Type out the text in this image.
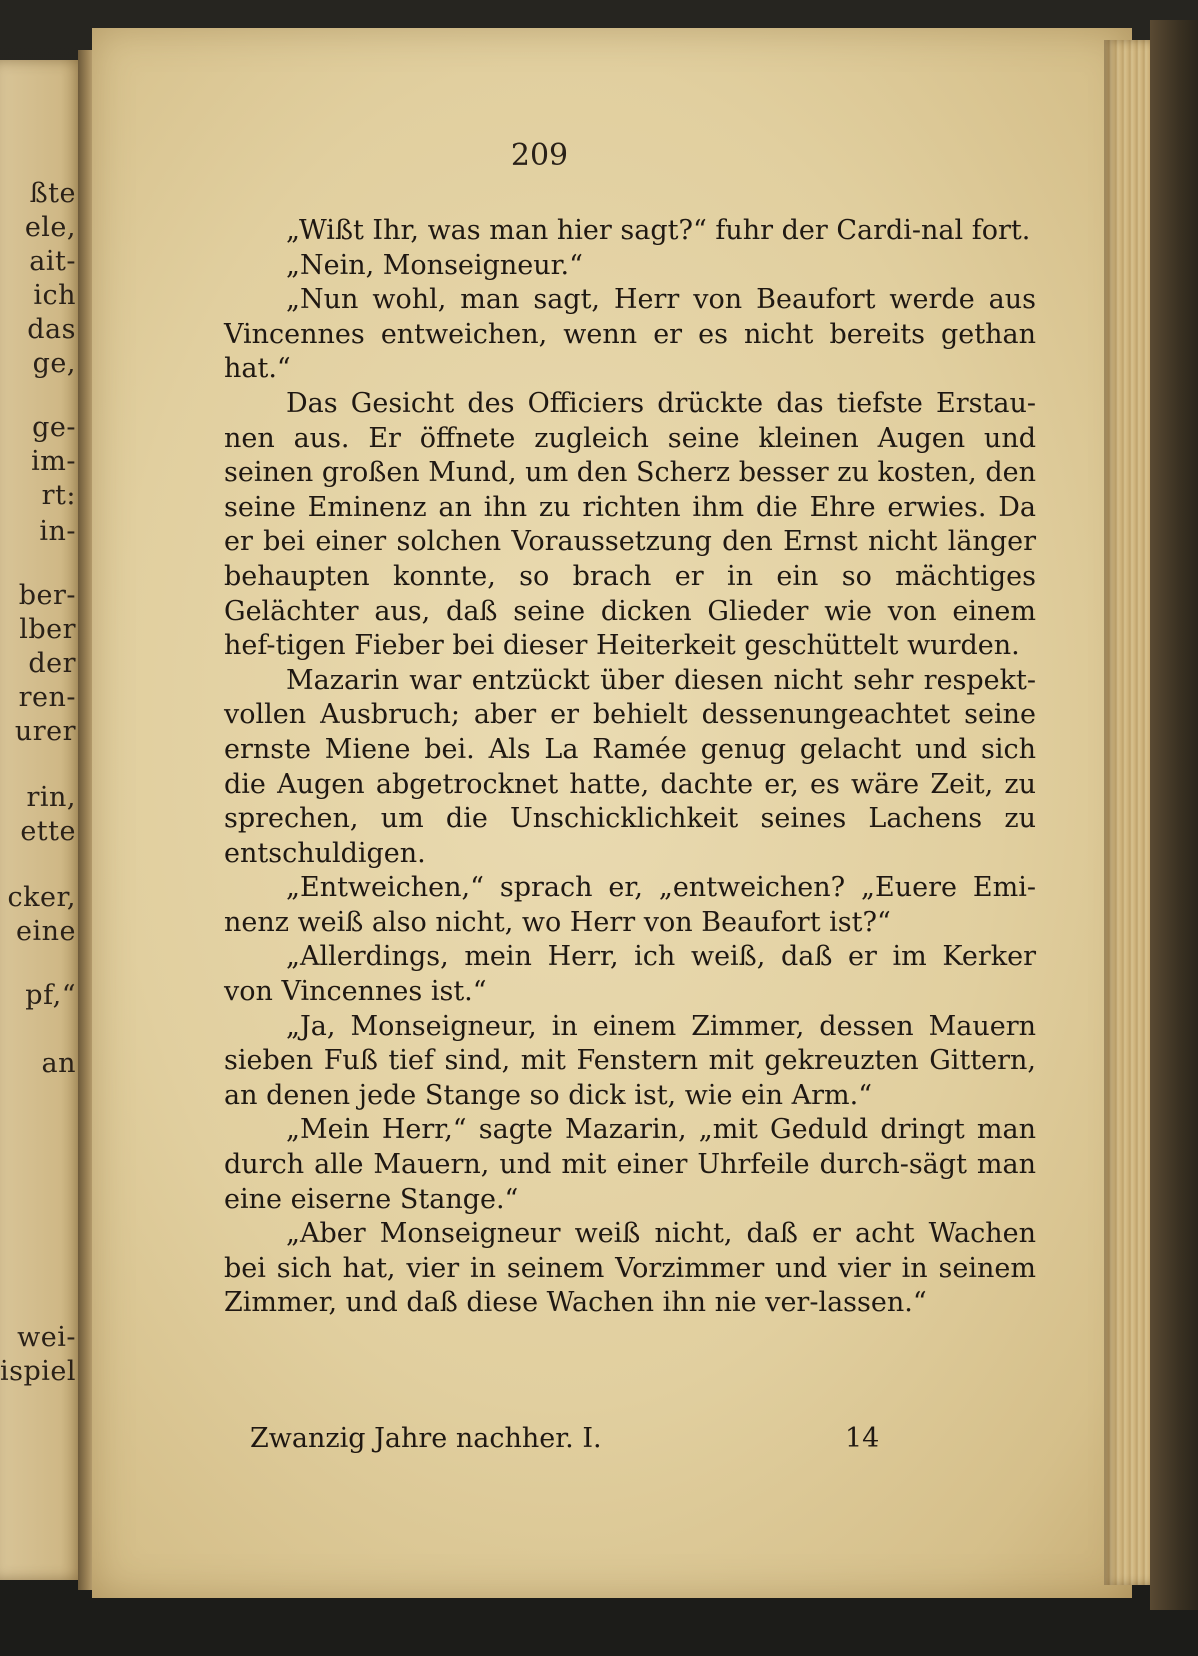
ßte
ele,
ait-
ich
das
ge,
ge-
im-
rt:
in-
ber-
lber
der
ren-
urer
rin,
ette
cker,
eine
pf,“
an
wei-
ispiel
209

„Wißt Ihr, was man hier sagt?“ fuhr der Cardi-nal fort.

„Nein, Monseigneur.“

„Nun wohl, man sagt, Herr von Beaufort werde aus Vincennes entweichen, wenn er es nicht bereits gethan hat.“

Das Gesicht des Officiers drückte das tiefste Erstau-nen aus. Er öffnete zugleich seine kleinen Augen und seinen großen Mund, um den Scherz besser zu kosten, den seine Eminenz an ihn zu richten ihm die Ehre erwies. Da er bei einer solchen Voraussetzung den Ernst nicht länger behaupten konnte, so brach er in ein so mächtiges Gelächter aus, daß seine dicken Glieder wie von einem hef-tigen Fieber bei dieser Heiterkeit geschüttelt wurden.

Mazarin war entzückt über diesen nicht sehr respekt-vollen Ausbruch; aber er behielt dessenungeachtet seine ernste Miene bei. Als La Ramée genug gelacht und sich die Augen abgetrocknet hatte, dachte er, es wäre Zeit, zu sprechen, um die Unschicklichkeit seines Lachens zu entschuldigen.

„Entweichen,“ sprach er, „entweichen? „Euere Emi-nenz weiß also nicht, wo Herr von Beaufort ist?“

„Allerdings, mein Herr, ich weiß, daß er im Kerker von Vincennes ist.“

„Ja, Monseigneur, in einem Zimmer, dessen Mauern sieben Fuß tief sind, mit Fenstern mit gekreuzten Gittern, an denen jede Stange so dick ist, wie ein Arm.“

„Mein Herr,“ sagte Mazarin, „mit Geduld dringt man durch alle Mauern, und mit einer Uhrfeile durch-sägt man eine eiserne Stange.“

„Aber Monseigneur weiß nicht, daß er acht Wachen bei sich hat, vier in seinem Vorzimmer und vier in seinem Zimmer, und daß diese Wachen ihn nie ver-lassen.“

Zwanzig Jahre nachher. I.	14
